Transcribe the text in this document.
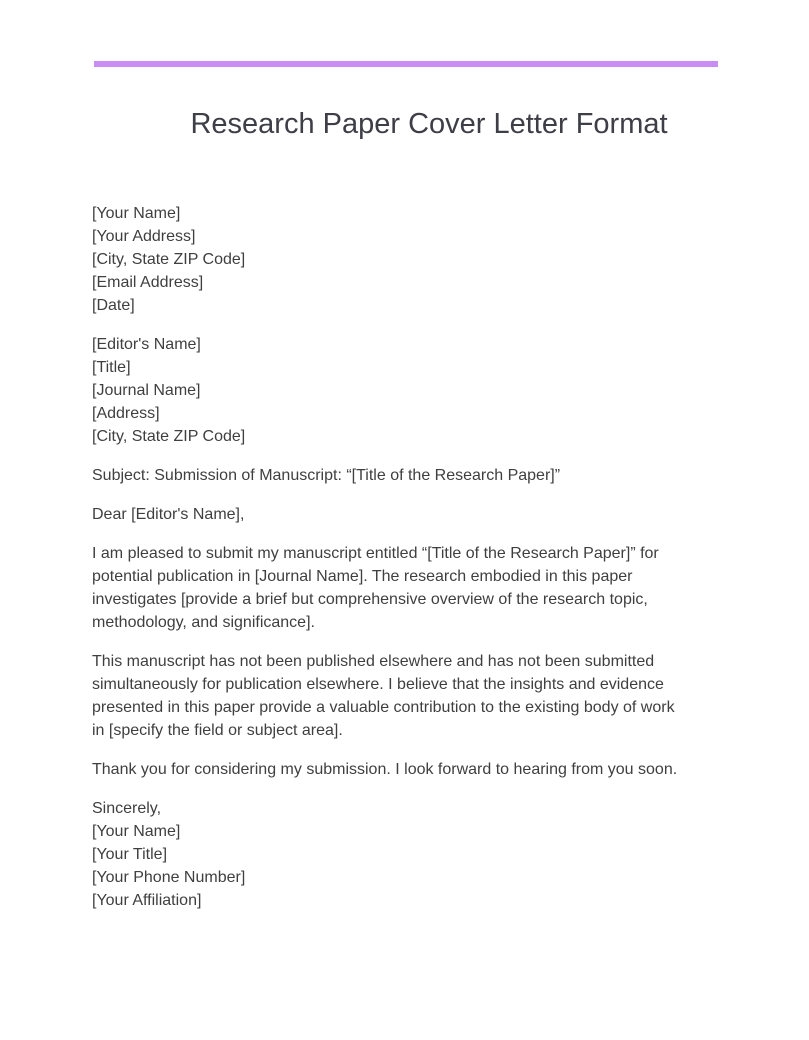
Research Paper Cover Letter Format
[Your Name]
[Your Address]
[City, State ZIP Code]
[Email Address]
[Date]
[Editor's Name]
[Title]
[Journal Name]
[Address]
[City, State ZIP Code]

Subject: Submission of Manuscript: “[Title of the Research Paper]”

Dear [Editor's Name],

I am pleased to submit my manuscript entitled “[Title of the Research Paper]” for potential publication in [Journal Name]. The research embodied in this paper investigates [provide a brief but comprehensive overview of the research topic, methodology, and significance].

This manuscript has not been published elsewhere and has not been submitted simultaneously for publication elsewhere. I believe that the insights and evidence presented in this paper provide a valuable contribution to the existing body of work in [specify the field or subject area].

Thank you for considering my submission. I look forward to hearing from you soon.

Sincerely,
[Your Name]
[Your Title]
[Your Phone Number]
[Your Affiliation]
